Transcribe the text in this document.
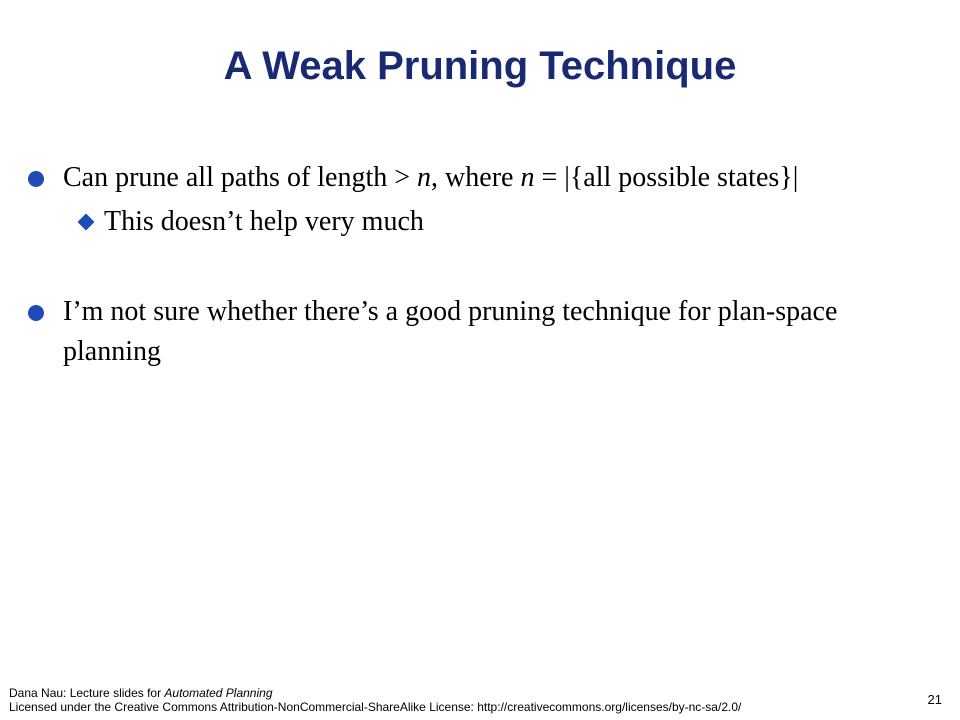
A Weak Pruning Technique
Can prune all paths of length > n, where n = |{all possible states}|
This doesn’t help very much
I’m not sure whether there’s a good pruning technique for plan-space planning
Dana Nau: Lecture slides for Automated Planning
Licensed under the Creative Commons Attribution-NonCommercial-ShareAlike License: http://creativecommons.org/licenses/by-nc-sa/2.0/	21
